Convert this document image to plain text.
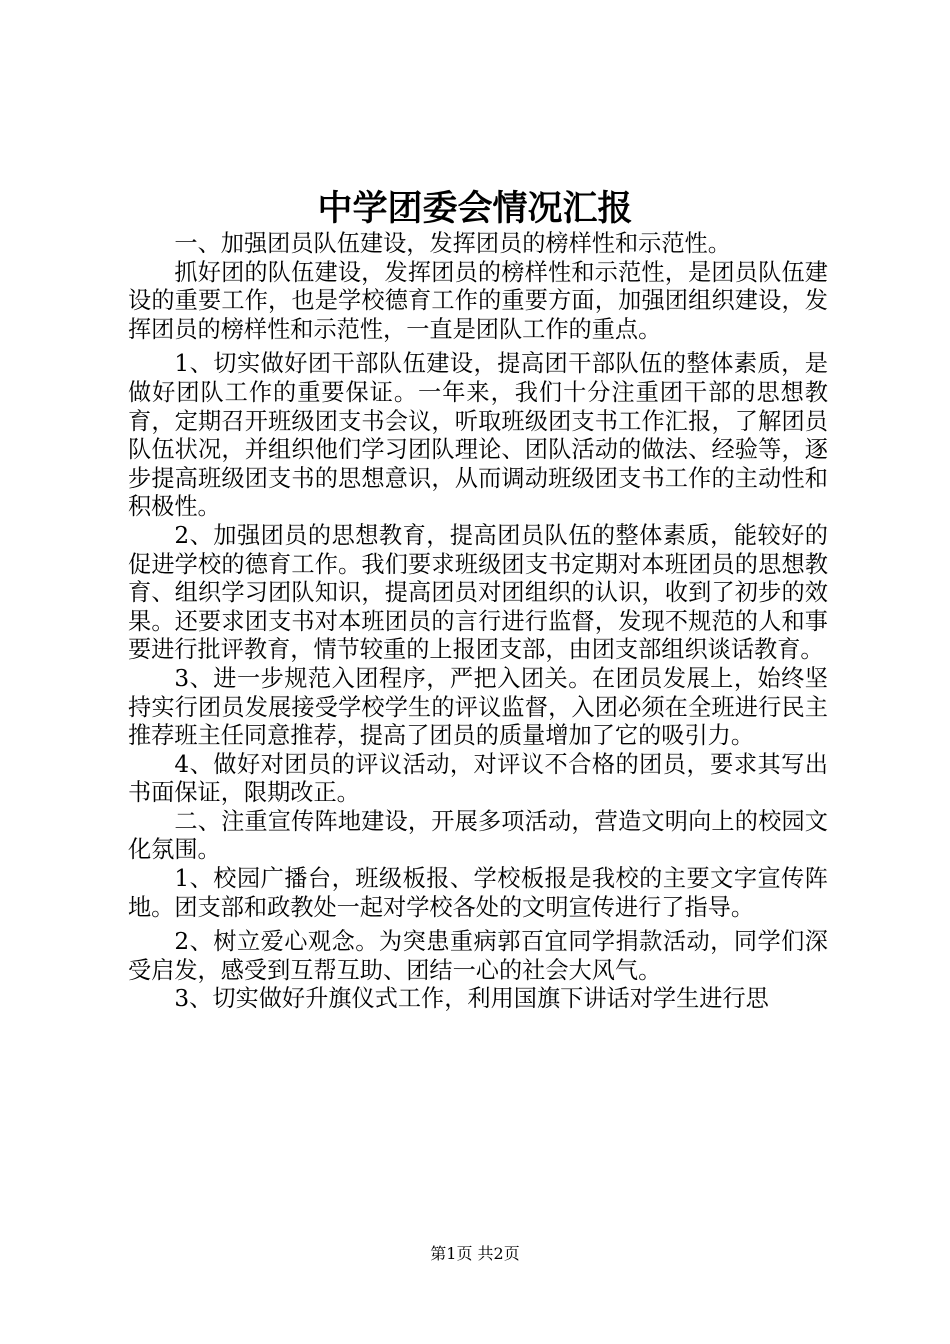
中学团委会情况汇报

一、加强团员队伍建设，发挥团员的榜样性和示范性。

抓好团的队伍建设，发挥团员的榜样性和示范性，是团员队伍建设的重要工作，也是学校德育工作的重要方面，加强团组织建设，发挥团员的榜样性和示范性，一直是团队工作的重点。

1、切实做好团干部队伍建设，提高团干部队伍的整体素质，是做好团队工作的重要保证。一年来，我们十分注重团干部的思想教育，定期召开班级团支书会议，听取班级团支书工作汇报，了解团员队伍状况，并组织他们学习团队理论、团队活动的做法、经验等，逐步提高班级团支书的思想意识，从而调动班级团支书工作的主动性和积极性。

2、加强团员的思想教育，提高团员队伍的整体素质，能较好的促进学校的德育工作。我们要求班级团支书定期对本班团员的思想教育、组织学习团队知识，提高团员对团组织的认识，收到了初步的效果。还要求团支书对本班团员的言行进行监督，发现不规范的人和事要进行批评教育，情节较重的上报团支部，由团支部组织谈话教育。

3、进一步规范入团程序，严把入团关。在团员发展上，始终坚持实行团员发展接受学校学生的评议监督，入团必须在全班进行民主推荐班主任同意推荐，提高了团员的质量增加了它的吸引力。

4、做好对团员的评议活动，对评议不合格的团员，要求其写出书面保证，限期改正。

二、注重宣传阵地建设，开展多项活动，营造文明向上的校园文化氛围。

1、校园广播台，班级板报、学校板报是我校的主要文字宣传阵地。团支部和政教处一起对学校各处的文明宣传进行了指导。

2、树立爱心观念。为突患重病郭百宜同学捐款活动，同学们深受启发，感受到互帮互助、团结一心的社会大风气。

3、切实做好升旗仪式工作，利用国旗下讲话对学生进行思

第1页 共2页
